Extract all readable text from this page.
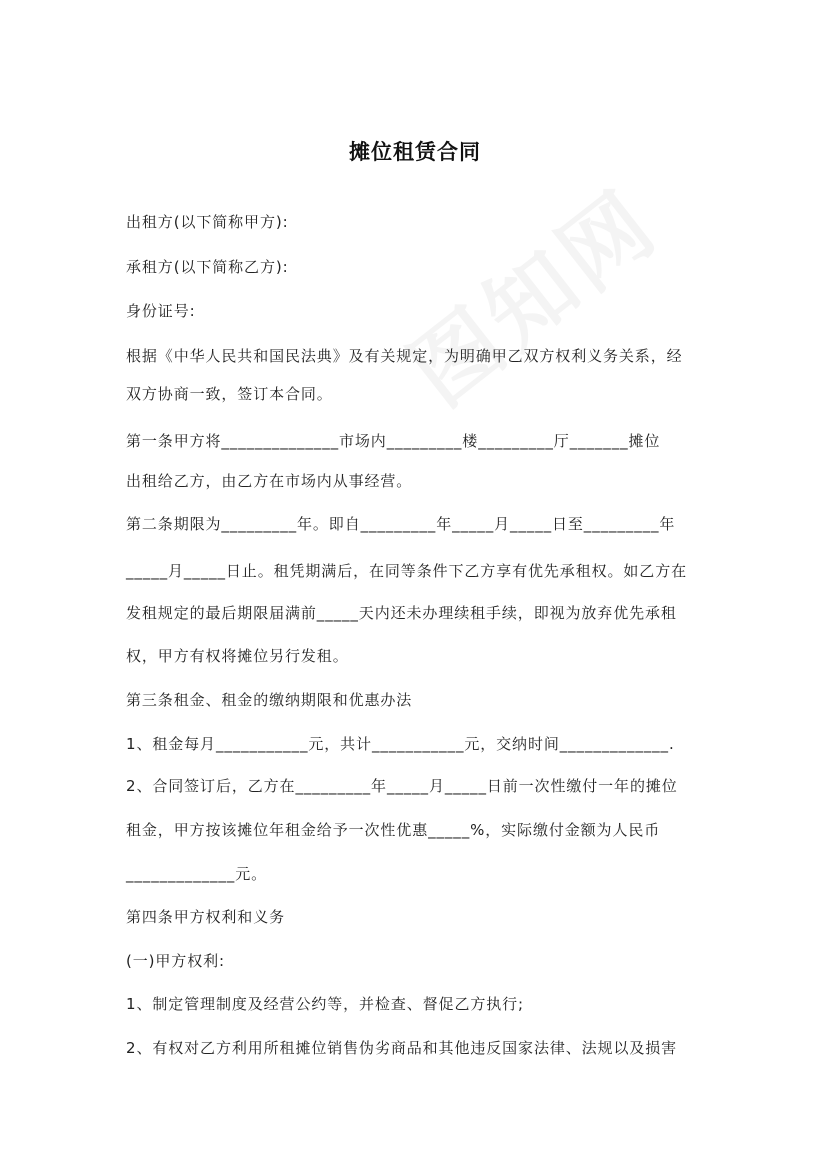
摊位租赁合同
出租方(以下简称甲方):
承租方(以下简称乙方):
身份证号:
根据《中华人民共和国民法典》及有关规定，为明确甲乙双方权利义务关系，经
双方协商一致，签订本合同。
第一条甲方将______________市场内_________楼_________厅_______摊位
出租给乙方，由乙方在市场内从事经营。
第二条期限为_________年。即自_________年_____月_____日至_________年
_____月_____日止。租凭期满后，在同等条件下乙方享有优先承租权。如乙方在
发租规定的最后期限届满前_____天内还未办理续租手续，即视为放弃优先承租
权，甲方有权将摊位另行发租。
第三条租金、租金的缴纳期限和优惠办法
1、租金每月___________元，共计___________元，交纳时间_____________.
2、合同签订后，乙方在_________年_____月_____日前一次性缴付一年的摊位
租金，甲方按该摊位年租金给予一次性优惠_____%，实际缴付金额为人民币
_____________元。
第四条甲方权利和义务
(一)甲方权利:
1、制定管理制度及经营公约等，并检查、督促乙方执行;
2、有权对乙方利用所租摊位销售伪劣商品和其他违反国家法律、法规以及损害
